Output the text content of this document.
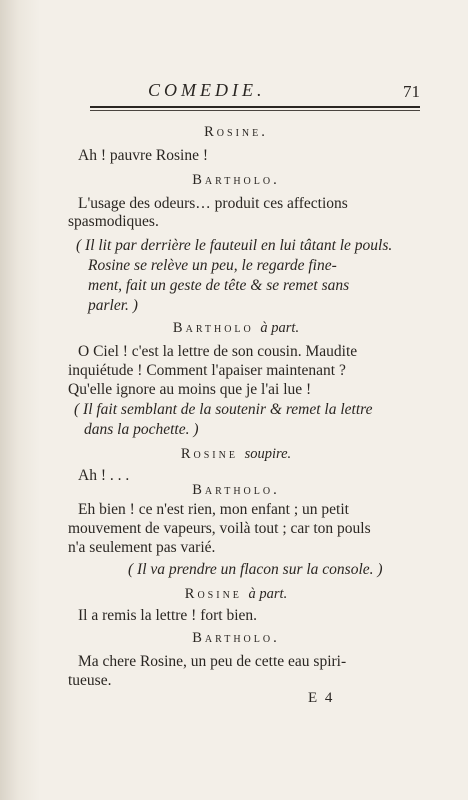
COMEDIE.	71
Rosine.
Ah ! pauvre Rosine !
Bartholo.
L'usage des odeurs… produit ces affections
spasmodiques.
( Il lit par derrière le fauteuil en lui tâtant le pouls.
Rosine se relève un peu, le regarde fine-
ment, fait un geste de tête & se remet sans
parler. )
Bartholo à part.
O Ciel ! c'est la lettre de son cousin. Maudite
inquiétude ! Comment l'apaiser maintenant ?
Qu'elle ignore au moins que je l'ai lue !
( Il fait semblant de la soutenir & remet la lettre
dans la pochette. )
Rosine soupire.
Ah ! . . .
Bartholo.
Eh bien ! ce n'est rien, mon enfant ; un petit
mouvement de vapeurs, voilà tout ; car ton pouls
n'a seulement pas varié.
( Il va prendre un flacon sur la console. )
Rosine à part.
Il a remis la lettre ! fort bien.
Bartholo.
Ma chere Rosine, un peu de cette eau spiri-
tueuse.
E 4
